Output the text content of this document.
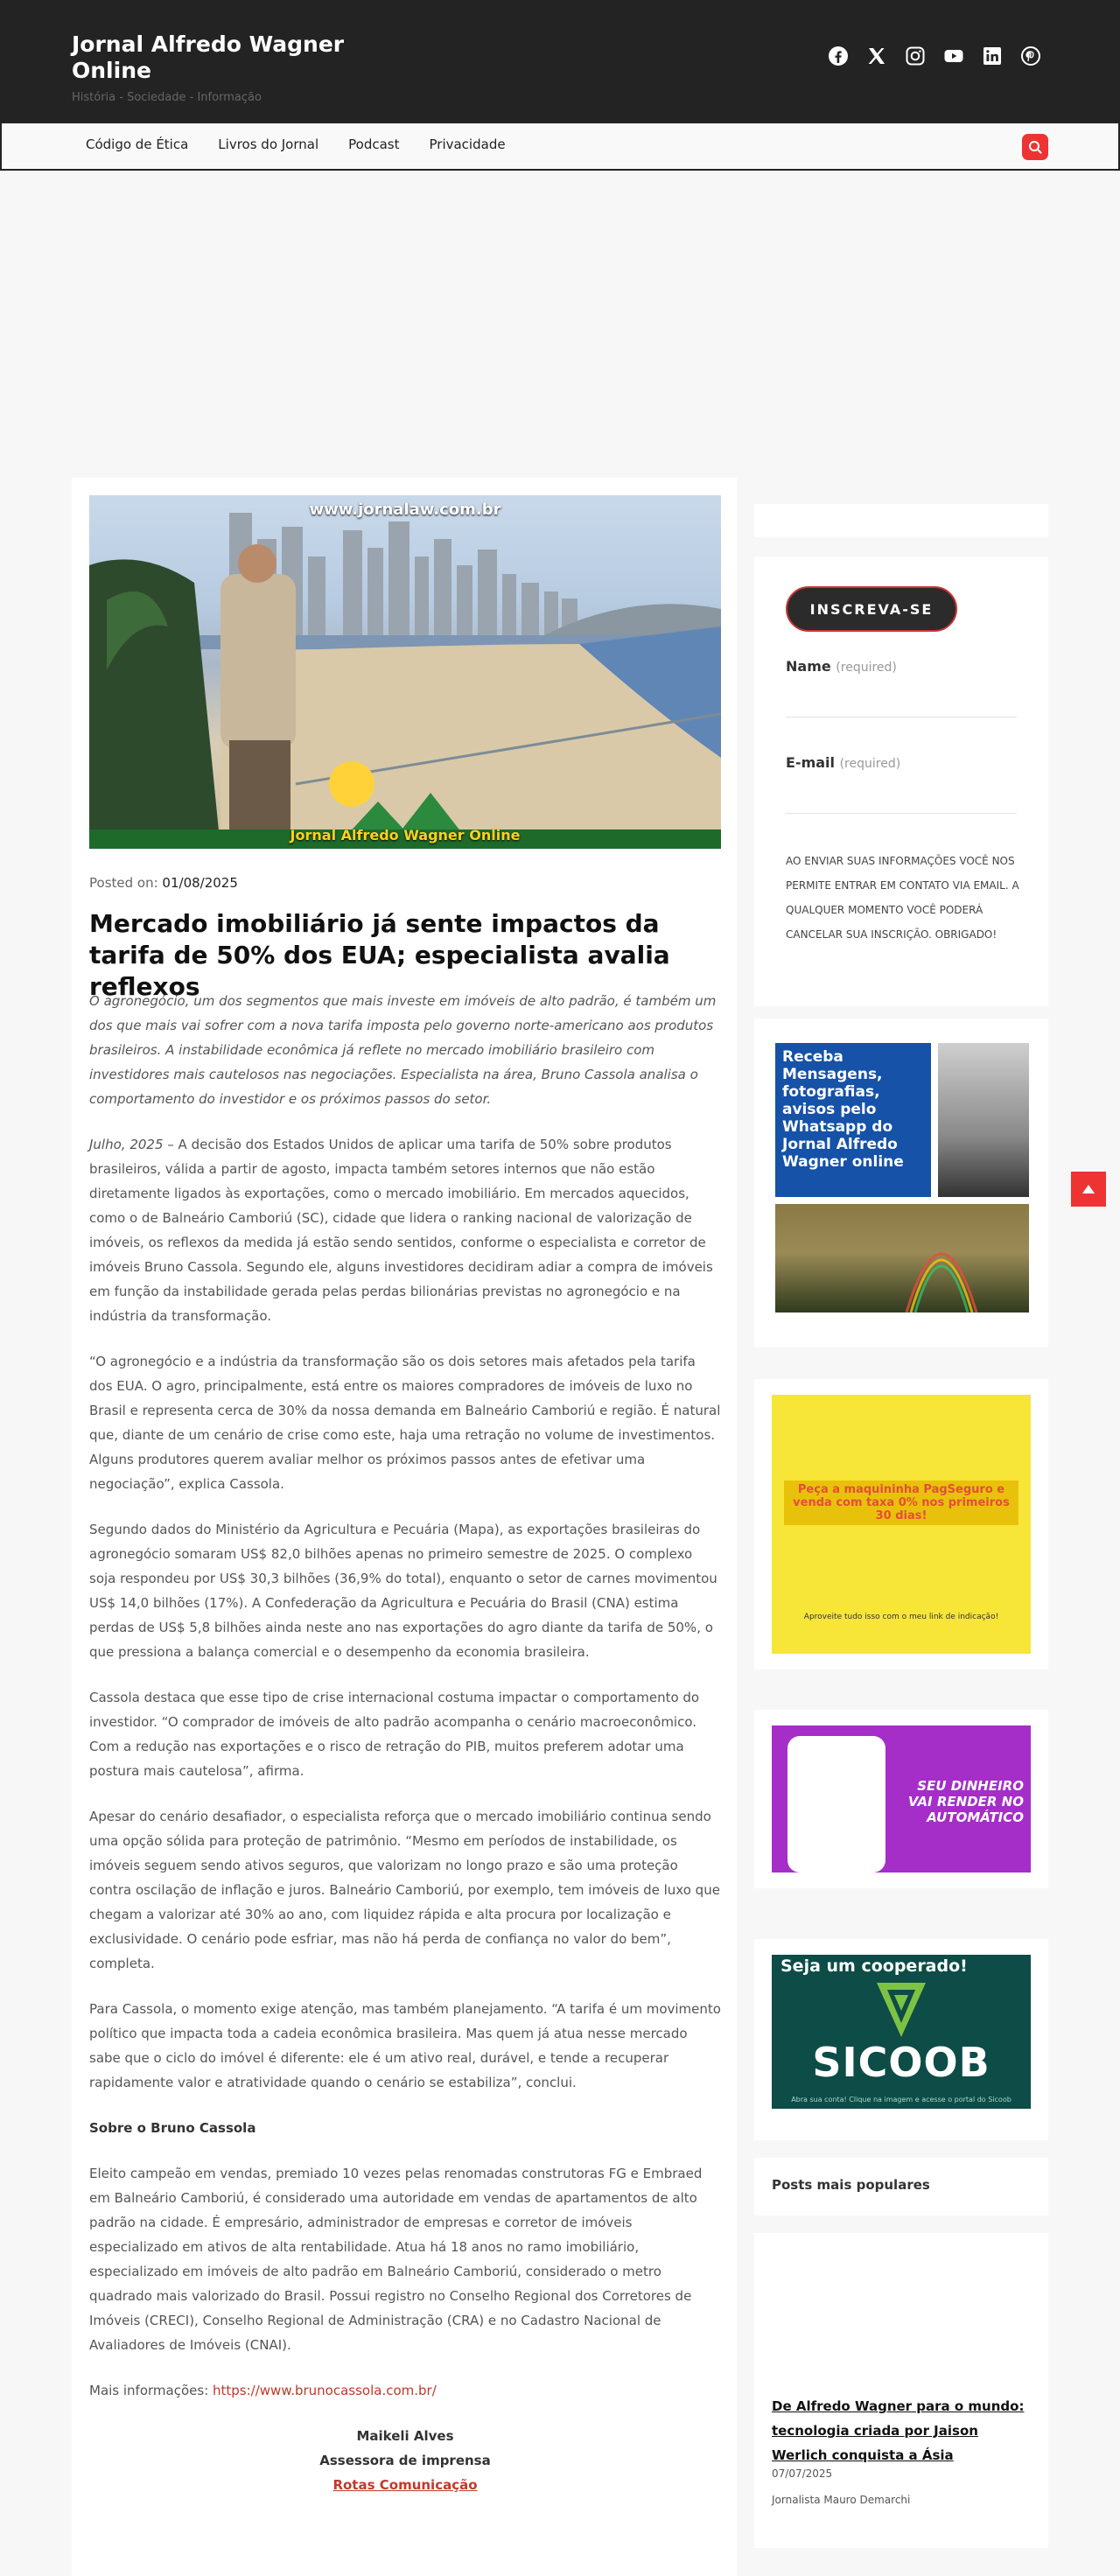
Jornal Alfredo Wagner Online
História - Sociedade - Informação
Código de Ética Livros do Jornal Podcast Privacidade
www.jornalaw.com.br
Jornal Alfredo Wagner Online
Posted on: 01/08/2025
Mercado imobiliário já sente impactos da tarifa de 50% dos EUA; especialista avalia reflexos

O agronegócio, um dos segmentos que mais investe em imóveis de alto padrão, é também um dos que mais vai sofrer com a nova tarifa imposta pelo governo norte-americano aos produtos brasileiros. A instabilidade econômica já reflete no mercado imobiliário brasileiro com investidores mais cautelosos nas negociações. Especialista na área, Bruno Cassola analisa o comportamento do investidor e os próximos passos do setor.

Julho, 2025 – A decisão dos Estados Unidos de aplicar uma tarifa de 50% sobre produtos brasileiros, válida a partir de agosto, impacta também setores internos que não estão diretamente ligados às exportações, como o mercado imobiliário. Em mercados aquecidos, como o de Balneário Camboriú (SC), cidade que lidera o ranking nacional de valorização de imóveis, os reflexos da medida já estão sendo sentidos, conforme o especialista e corretor de imóveis Bruno Cassola. Segundo ele, alguns investidores decidiram adiar a compra de imóveis em função da instabilidade gerada pelas perdas bilionárias previstas no agronegócio e na indústria da transformação.

“O agronegócio e a indústria da transformação são os dois setores mais afetados pela tarifa dos EUA. O agro, principalmente, está entre os maiores compradores de imóveis de luxo no Brasil e representa cerca de 30% da nossa demanda em Balneário Camboriú e região. É natural que, diante de um cenário de crise como este, haja uma retração no volume de investimentos. Alguns produtores querem avaliar melhor os próximos passos antes de efetivar uma negociação”, explica Cassola.

Segundo dados do Ministério da Agricultura e Pecuária (Mapa), as exportações brasileiras do agronegócio somaram US$ 82,0 bilhões apenas no primeiro semestre de 2025. O complexo soja respondeu por US$ 30,3 bilhões (36,9% do total), enquanto o setor de carnes movimentou US$ 14,0 bilhões (17%). A Confederação da Agricultura e Pecuária do Brasil (CNA) estima perdas de US$ 5,8 bilhões ainda neste ano nas exportações do agro diante da tarifa de 50%, o que pressiona a balança comercial e o desempenho da economia brasileira.

Cassola destaca que esse tipo de crise internacional costuma impactar o comportamento do investidor. “O comprador de imóveis de alto padrão acompanha o cenário macroeconômico. Com a redução nas exportações e o risco de retração do PIB, muitos preferem adotar uma postura mais cautelosa”, afirma.

Apesar do cenário desafiador, o especialista reforça que o mercado imobiliário continua sendo uma opção sólida para proteção de patrimônio. “Mesmo em períodos de instabilidade, os imóveis seguem sendo ativos seguros, que valorizam no longo prazo e são uma proteção contra oscilação de inflação e juros. Balneário Camboriú, por exemplo, tem imóveis de luxo que chegam a valorizar até 30% ao ano, com liquidez rápida e alta procura por localização e exclusividade. O cenário pode esfriar, mas não há perda de confiança no valor do bem”, completa.

Para Cassola, o momento exige atenção, mas também planejamento. “A tarifa é um movimento político que impacta toda a cadeia econômica brasileira. Mas quem já atua nesse mercado sabe que o ciclo do imóvel é diferente: ele é um ativo real, durável, e tende a recuperar rapidamente valor e atratividade quando o cenário se estabiliza”, conclui.

Sobre o Bruno Cassola

Eleito campeão em vendas, premiado 10 vezes pelas renomadas construtoras FG e Embraed em Balneário Camboriú, é considerado uma autoridade em vendas de apartamentos de alto padrão na cidade. É empresário, administrador de empresas e corretor de imóveis especializado em ativos de alta rentabilidade. Atua há 18 anos no ramo imobiliário, especializado em imóveis de alto padrão em Balneário Camboriú, considerado o metro quadrado mais valorizado do Brasil. Possui registro no Conselho Regional dos Corretores de Imóveis (CRECI), Conselho Regional de Administração (CRA) e no Cadastro Nacional de Avaliadores de Imóveis (CNAI).

Mais informações: https://www.brunocassola.com.br/

Maikeli Alves

Assessora de imprensa

Rotas Comunicação

INSCREVA-SE
Name (required)
E-mail (required)
AO ENVIAR SUAS INFORMAÇÕES VOCÊ NOS PERMITE ENTRAR EM CONTATO VIA EMAIL. A QUALQUER MOMENTO VOCÊ PODERÁ CANCELAR SUA INSCRIÇÃO. OBRIGADO!
Receba Mensagens, fotografias, avisos pelo Whatsapp do Jornal Alfredo Wagner online
Peça a maquininha PagSeguro e venda com taxa 0% nos primeiros 30 dias!
Aproveite tudo isso com o meu link de indicação!
SEU DINHEIRO VAI RENDER NO AUTOMÁTICO
Seja um cooperado!
SICOOB
Abra sua conta! Clique na imagem e acesse o portal do Sicoob
Posts mais populares
De Alfredo Wagner para o mundo: tecnologia criada por Jaison Werlich conquista a Ásia
07/07/2025
Jornalista Mauro Demarchi
